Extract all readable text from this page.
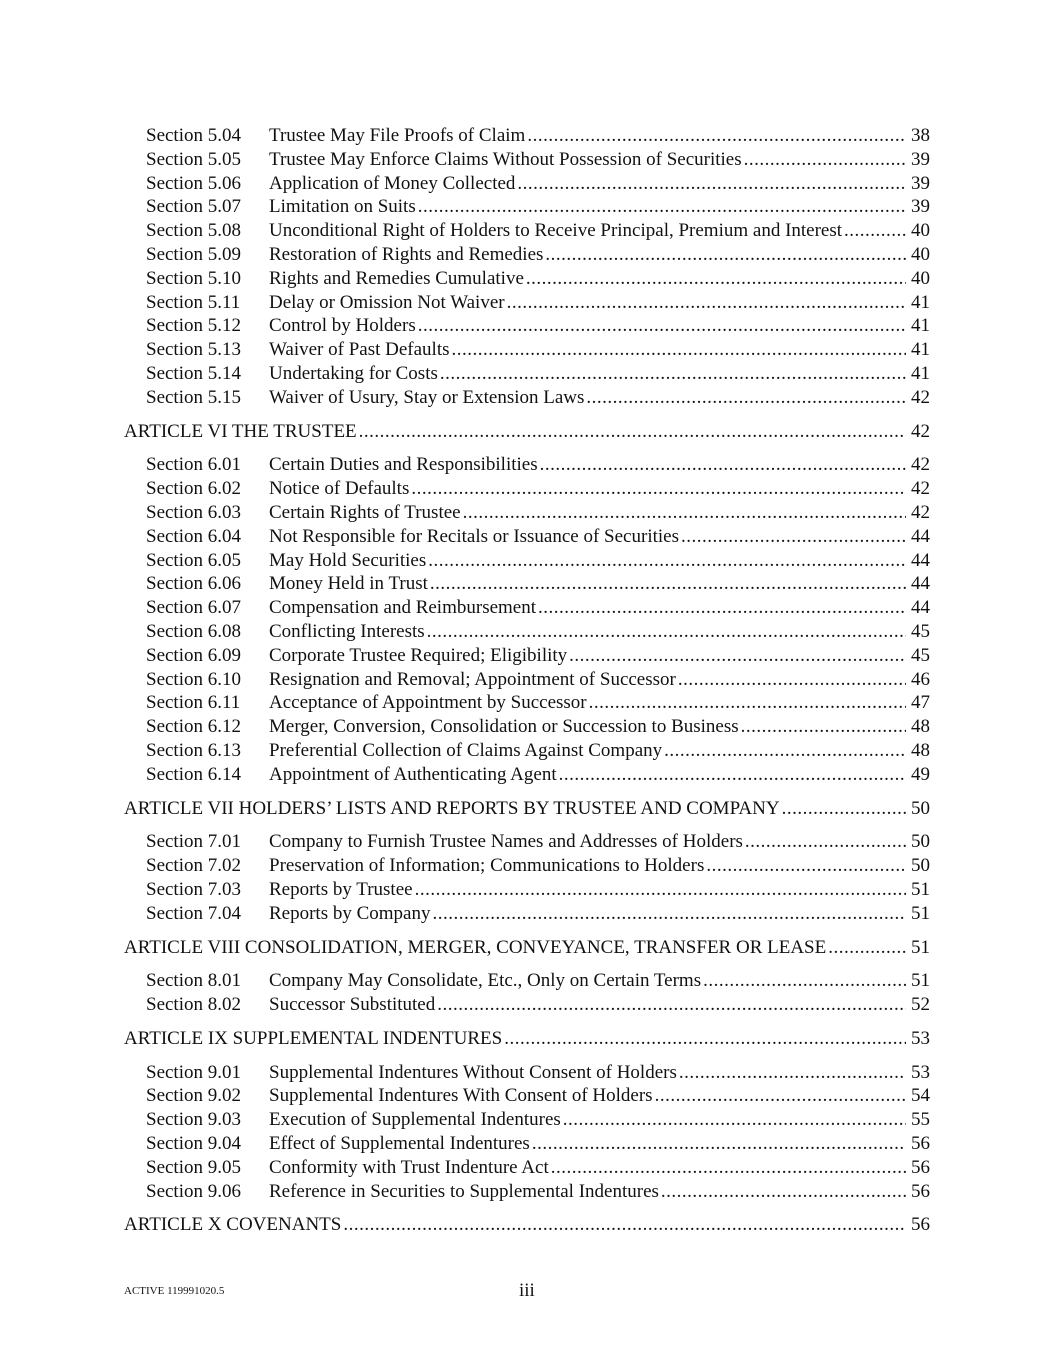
Section 5.04	Trustee May File Proofs of Claim .....	38
Section 5.05	Trustee May Enforce Claims Without Possession of Securities .....	39
Section 5.06	Application of Money Collected .....	39
Section 5.07	Limitation on Suits .....	39
Section 5.08	Unconditional Right of Holders to Receive Principal, Premium and Interest .....	40
Section 5.09	Restoration of Rights and Remedies .....	40
Section 5.10	Rights and Remedies Cumulative .....	40
Section 5.11	Delay or Omission Not Waiver .....	41
Section 5.12	Control by Holders .....	41
Section 5.13	Waiver of Past Defaults .....	41
Section 5.14	Undertaking for Costs .....	41
Section 5.15	Waiver of Usury, Stay or Extension Laws .....	42
ARTICLE VI THE TRUSTEE .....	42
Section 6.01	Certain Duties and Responsibilities .....	42
Section 6.02	Notice of Defaults .....	42
Section 6.03	Certain Rights of Trustee .....	42
Section 6.04	Not Responsible for Recitals or Issuance of Securities .....	44
Section 6.05	May Hold Securities .....	44
Section 6.06	Money Held in Trust .....	44
Section 6.07	Compensation and Reimbursement .....	44
Section 6.08	Conflicting Interests .....	45
Section 6.09	Corporate Trustee Required; Eligibility .....	45
Section 6.10	Resignation and Removal; Appointment of Successor .....	46
Section 6.11	Acceptance of Appointment by Successor .....	47
Section 6.12	Merger, Conversion, Consolidation or Succession to Business .....	48
Section 6.13	Preferential Collection of Claims Against Company .....	48
Section 6.14	Appointment of Authenticating Agent .....	49
ARTICLE VII HOLDERS’ LISTS AND REPORTS BY TRUSTEE AND COMPANY .....	50
Section 7.01	Company to Furnish Trustee Names and Addresses of Holders .....	50
Section 7.02	Preservation of Information; Communications to Holders .....	50
Section 7.03	Reports by Trustee .....	51
Section 7.04	Reports by Company .....	51
ARTICLE VIII CONSOLIDATION, MERGER, CONVEYANCE, TRANSFER OR LEASE .....	51
Section 8.01	Company May Consolidate, Etc., Only on Certain Terms .....	51
Section 8.02	Successor Substituted .....	52
ARTICLE IX SUPPLEMENTAL INDENTURES .....	53
Section 9.01	Supplemental Indentures Without Consent of Holders .....	53
Section 9.02	Supplemental Indentures With Consent of Holders .....	54
Section 9.03	Execution of Supplemental Indentures .....	55
Section 9.04	Effect of Supplemental Indentures .....	56
Section 9.05	Conformity with Trust Indenture Act .....	56
Section 9.06	Reference in Securities to Supplemental Indentures .....	56
ARTICLE X COVENANTS .....	56
ACTIVE 119991020.5	iii
